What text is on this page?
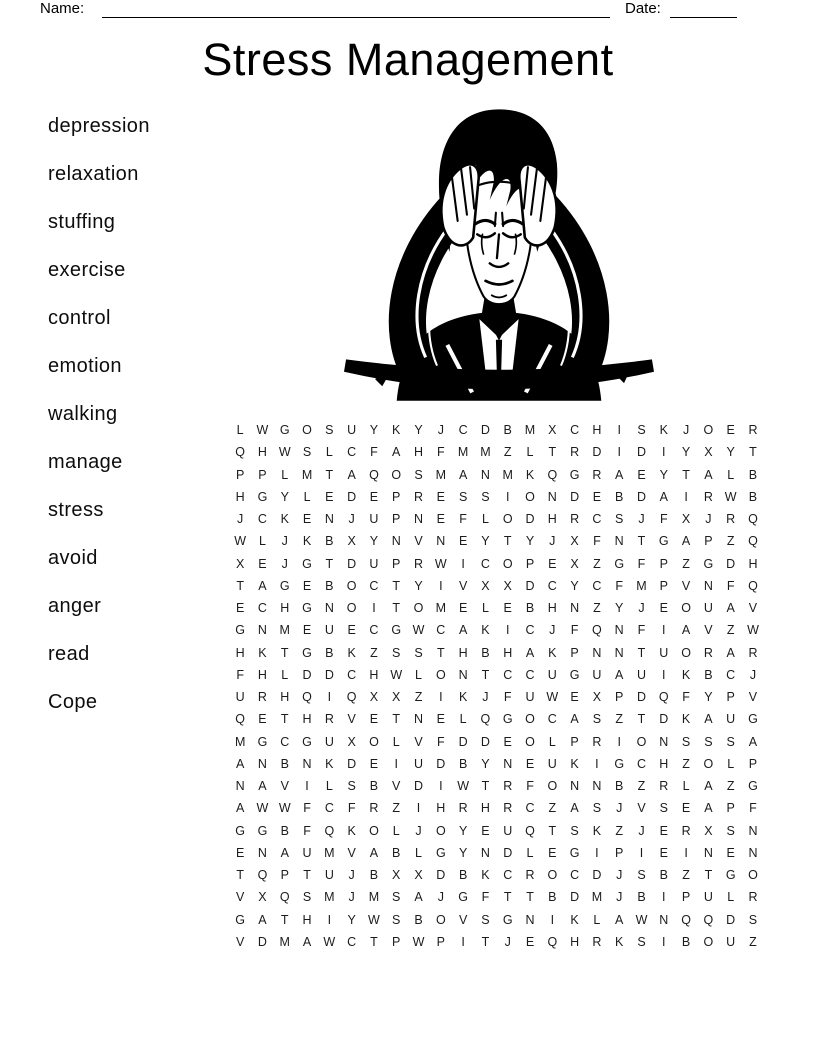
Name:	Date:
Stress Management
depression
relaxation
stuffing
exercise
control
emotion
walking
manage
stress
avoid
anger
read
Cope
L	W G	O	S	U	Y	K	Y	J	C	D	B	M	X	C	H	I	S	K	J	O	E	R
Q	H W S	L	C	F	A	H	F	M M	Z	L	T	R	D	I	D	I	Y	X	Y	T
P	P	L	M	T	A	Q	O	S	M	A	N	M	K	Q	G	R	A	E	Y	T	A	L	B
H	G	Y	L	E	D	E	P	R	E	S	S	I	O	N	D	E	B	D	A	I	R W B
J	C	K	E	N	J	U	P	N	E	F	L	O	D	H	R	C	S	J	F	X	J	R	Q
W	L	J	K	B	X	Y	N	V	N	E	Y	T	Y	J	X	F	N	T	G	A	P	Z	Q
X	E	J	G	T	D	U	P	R W	I	C	O	P	E	X	Z	G	F	P	Z	G	D	H
T	A	G	E	B	O	C	T	Y	I	V	X	X	D	C	Y	C	F	M	P	V	N	F	Q
E	C	H	G	N	O	I	T	O M	E	L	E	B	H	N	Z	Y	J	E	O	U	A	V
G	N	M	E	U	E	C	G W C	A	K	I	C	J	F	Q	N	F	I	A	V	Z	W
H	K	T	G	B	K	Z	S	S	T	H	B	H	A	K	P	N	N	T	U	O	R	A	R
F	H	L	D	D	C	H W	L	O	N	T	C	C	U	G	U	A	U	I	K	B	C	J
U	R	H	Q	I	Q	X	X	Z	I	K	J	F	U W E	X	P	D	Q	F	Y	P	V
Q	E	T	H	R	V	E	T	N	E	L	Q	G	O	C	A	S	Z	T	D	K	A	U	G
M G	C	G	U	X	O	L	V	F	D	D	E	O	L	P	R	I	O	N	S	S	S	A
A	N	B	N	K	D	E	I	U	D	B	Y	N	E	U	K	I	G	C	H	Z	O	L	P
N	A	V	I	L	S	B	V	D	I	W	T	R	F	O	N	N	B	Z	R	L	A	Z	G
A W W	F	C	F	R	Z	I	H	R	H	R	C	Z	A	S	J	V	S	E	A	P	F
G	G	B	F	Q	K	O	L	J	O	Y	E	U	Q	T	S	K	Z	J	E	R	X	S	N
E	N	A	U	M	V	A	B	L	G	Y	N	D	L	E	G	I	P	I	E	I	N	E	N
T	Q	P	T	U	J	B	X	X	D	B	K	C	R	O	C	D	J	S	B	Z	T	G	O
V	X	Q	S	M	J	M	S	A	J	G	F	T	T	B	D	M	J	B	I	P	U	L	R
G	A	T	H	I	Y W S	B	O	V	S	G	N	I	K	L	A W N	Q	Q	D	S
V	D	M	A W C	T	P W P	I	T	J	E	Q	H	R	K	S	I	B	O	U	Z
